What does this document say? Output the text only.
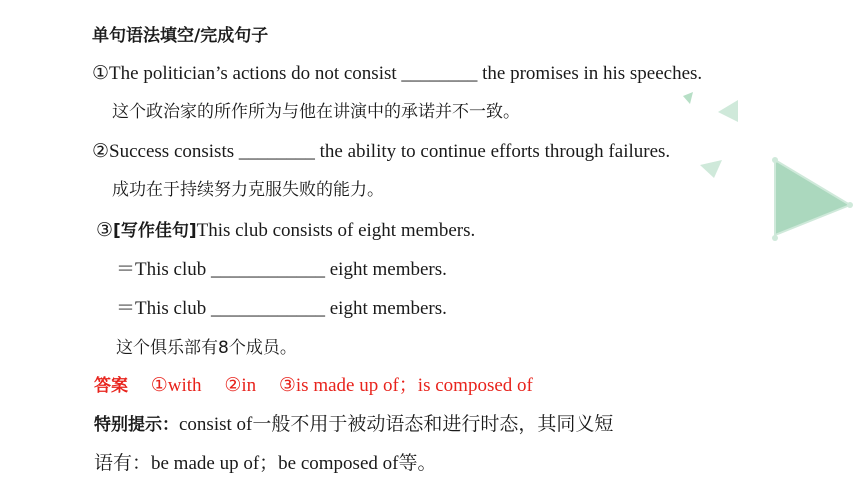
单句语法填空/完成句子
①The politician’s actions do not consist ________ the promises in his speeches.
这个政治家的所作所为与他在讲演中的承诺并不一致。
②Success consists ________ the ability to continue efforts through failures.
成功在于持续努力克服失败的能力。
③[写作佳句]This club consists of eight members.
＝This club ____________ eight members.
＝This club ____________ eight members.
这个俱乐部有8个成员。
答案 ①with ②in ③is made up of；is composed of
特别提示：consist of一般不用于被动语态和进行时态，其同义短
语有：be made up of；be composed of等。
